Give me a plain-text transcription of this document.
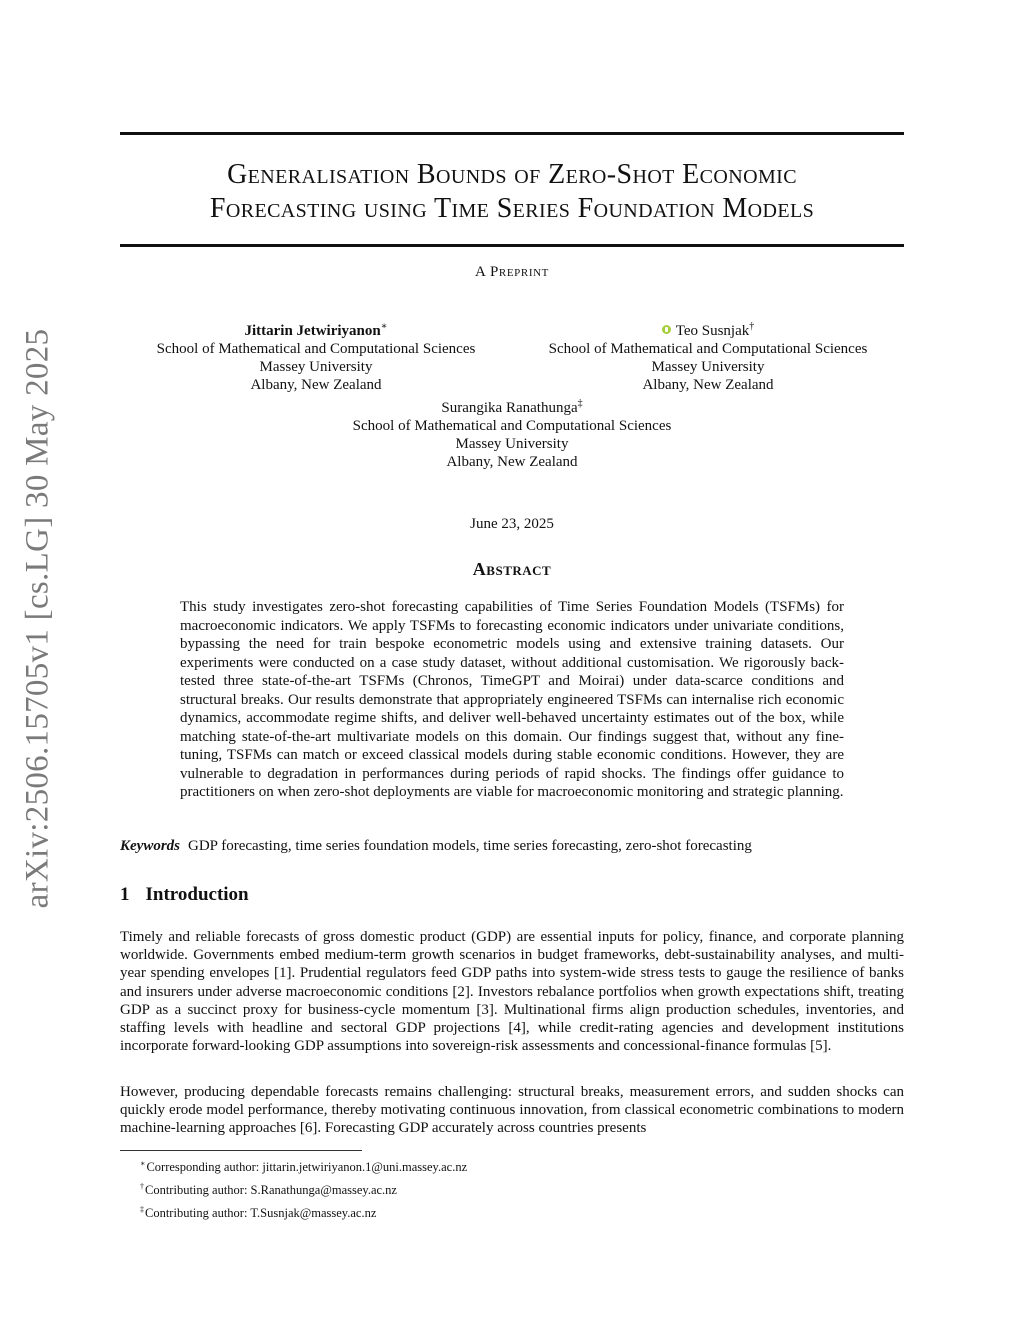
arXiv:2506.15705v1 [cs.LG] 30 May 2025
Generalisation Bounds of Zero-Shot Economic
Forecasting using Time Series Foundation Models
A Preprint
Jittarin Jetwiriyanon∗
School of Mathematical and Computational Sciences
Massey University
Albany, New Zealand
Teo Susnjak†
School of Mathematical and Computational Sciences
Massey University
Albany, New Zealand
Surangika Ranathunga‡
School of Mathematical and Computational Sciences
Massey University
Albany, New Zealand
June 23, 2025
Abstract
This study investigates zero-shot forecasting capabilities of Time Series Foundation Models (TSFMs) for macroeconomic indicators. We apply TSFMs to forecasting economic indicators under univariate conditions, bypassing the need for train bespoke econometric models using and extensive training datasets. Our experiments were conducted on a case study dataset, without additional customisation. We rigorously back-tested three state-of-the-art TSFMs (Chronos, TimeGPT and Moirai) under data-scarce conditions and structural breaks. Our results demonstrate that appropriately engineered TSFMs can internalise rich economic dynamics, accommodate regime shifts, and deliver well-behaved uncertainty estimates out of the box, while matching state-of-the-art multivariate models on this domain. Our findings suggest that, without any fine-tuning, TSFMs can match or exceed classical models during stable economic conditions. However, they are vulnerable to degradation in performances during periods of rapid shocks. The findings offer guidance to practitioners on when zero-shot deployments are viable for macroeconomic monitoring and strategic planning.
Keywords GDP forecasting, time series foundation models, time series forecasting, zero-shot forecasting
1 Introduction
Timely and reliable forecasts of gross domestic product (GDP) are essential inputs for policy, finance, and corporate planning worldwide. Governments embed medium-term growth scenarios in budget frameworks, debt-sustainability analyses, and multi-year spending envelopes [1]. Prudential regulators feed GDP paths into system-wide stress tests to gauge the resilience of banks and insurers under adverse macroeconomic conditions [2]. Investors rebalance portfolios when growth expectations shift, treating GDP as a succinct proxy for business-cycle momentum [3]. Multinational firms align production schedules, inventories, and staffing levels with headline and sectoral GDP projections [4], while credit-rating agencies and development institutions incorporate forward-looking GDP assumptions into sovereign-risk assessments and concessional-finance formulas [5].
However, producing dependable forecasts remains challenging: structural breaks, measurement errors, and sudden shocks can quickly erode model performance, thereby motivating continuous innovation, from classical econometric combinations to modern machine-learning approaches [6]. Forecasting GDP accurately across countries presents
∗Corresponding author: jittarin.jetwiriyanon.1@uni.massey.ac.nz
†Contributing author: S.Ranathunga@massey.ac.nz
‡Contributing author: T.Susnjak@massey.ac.nz
